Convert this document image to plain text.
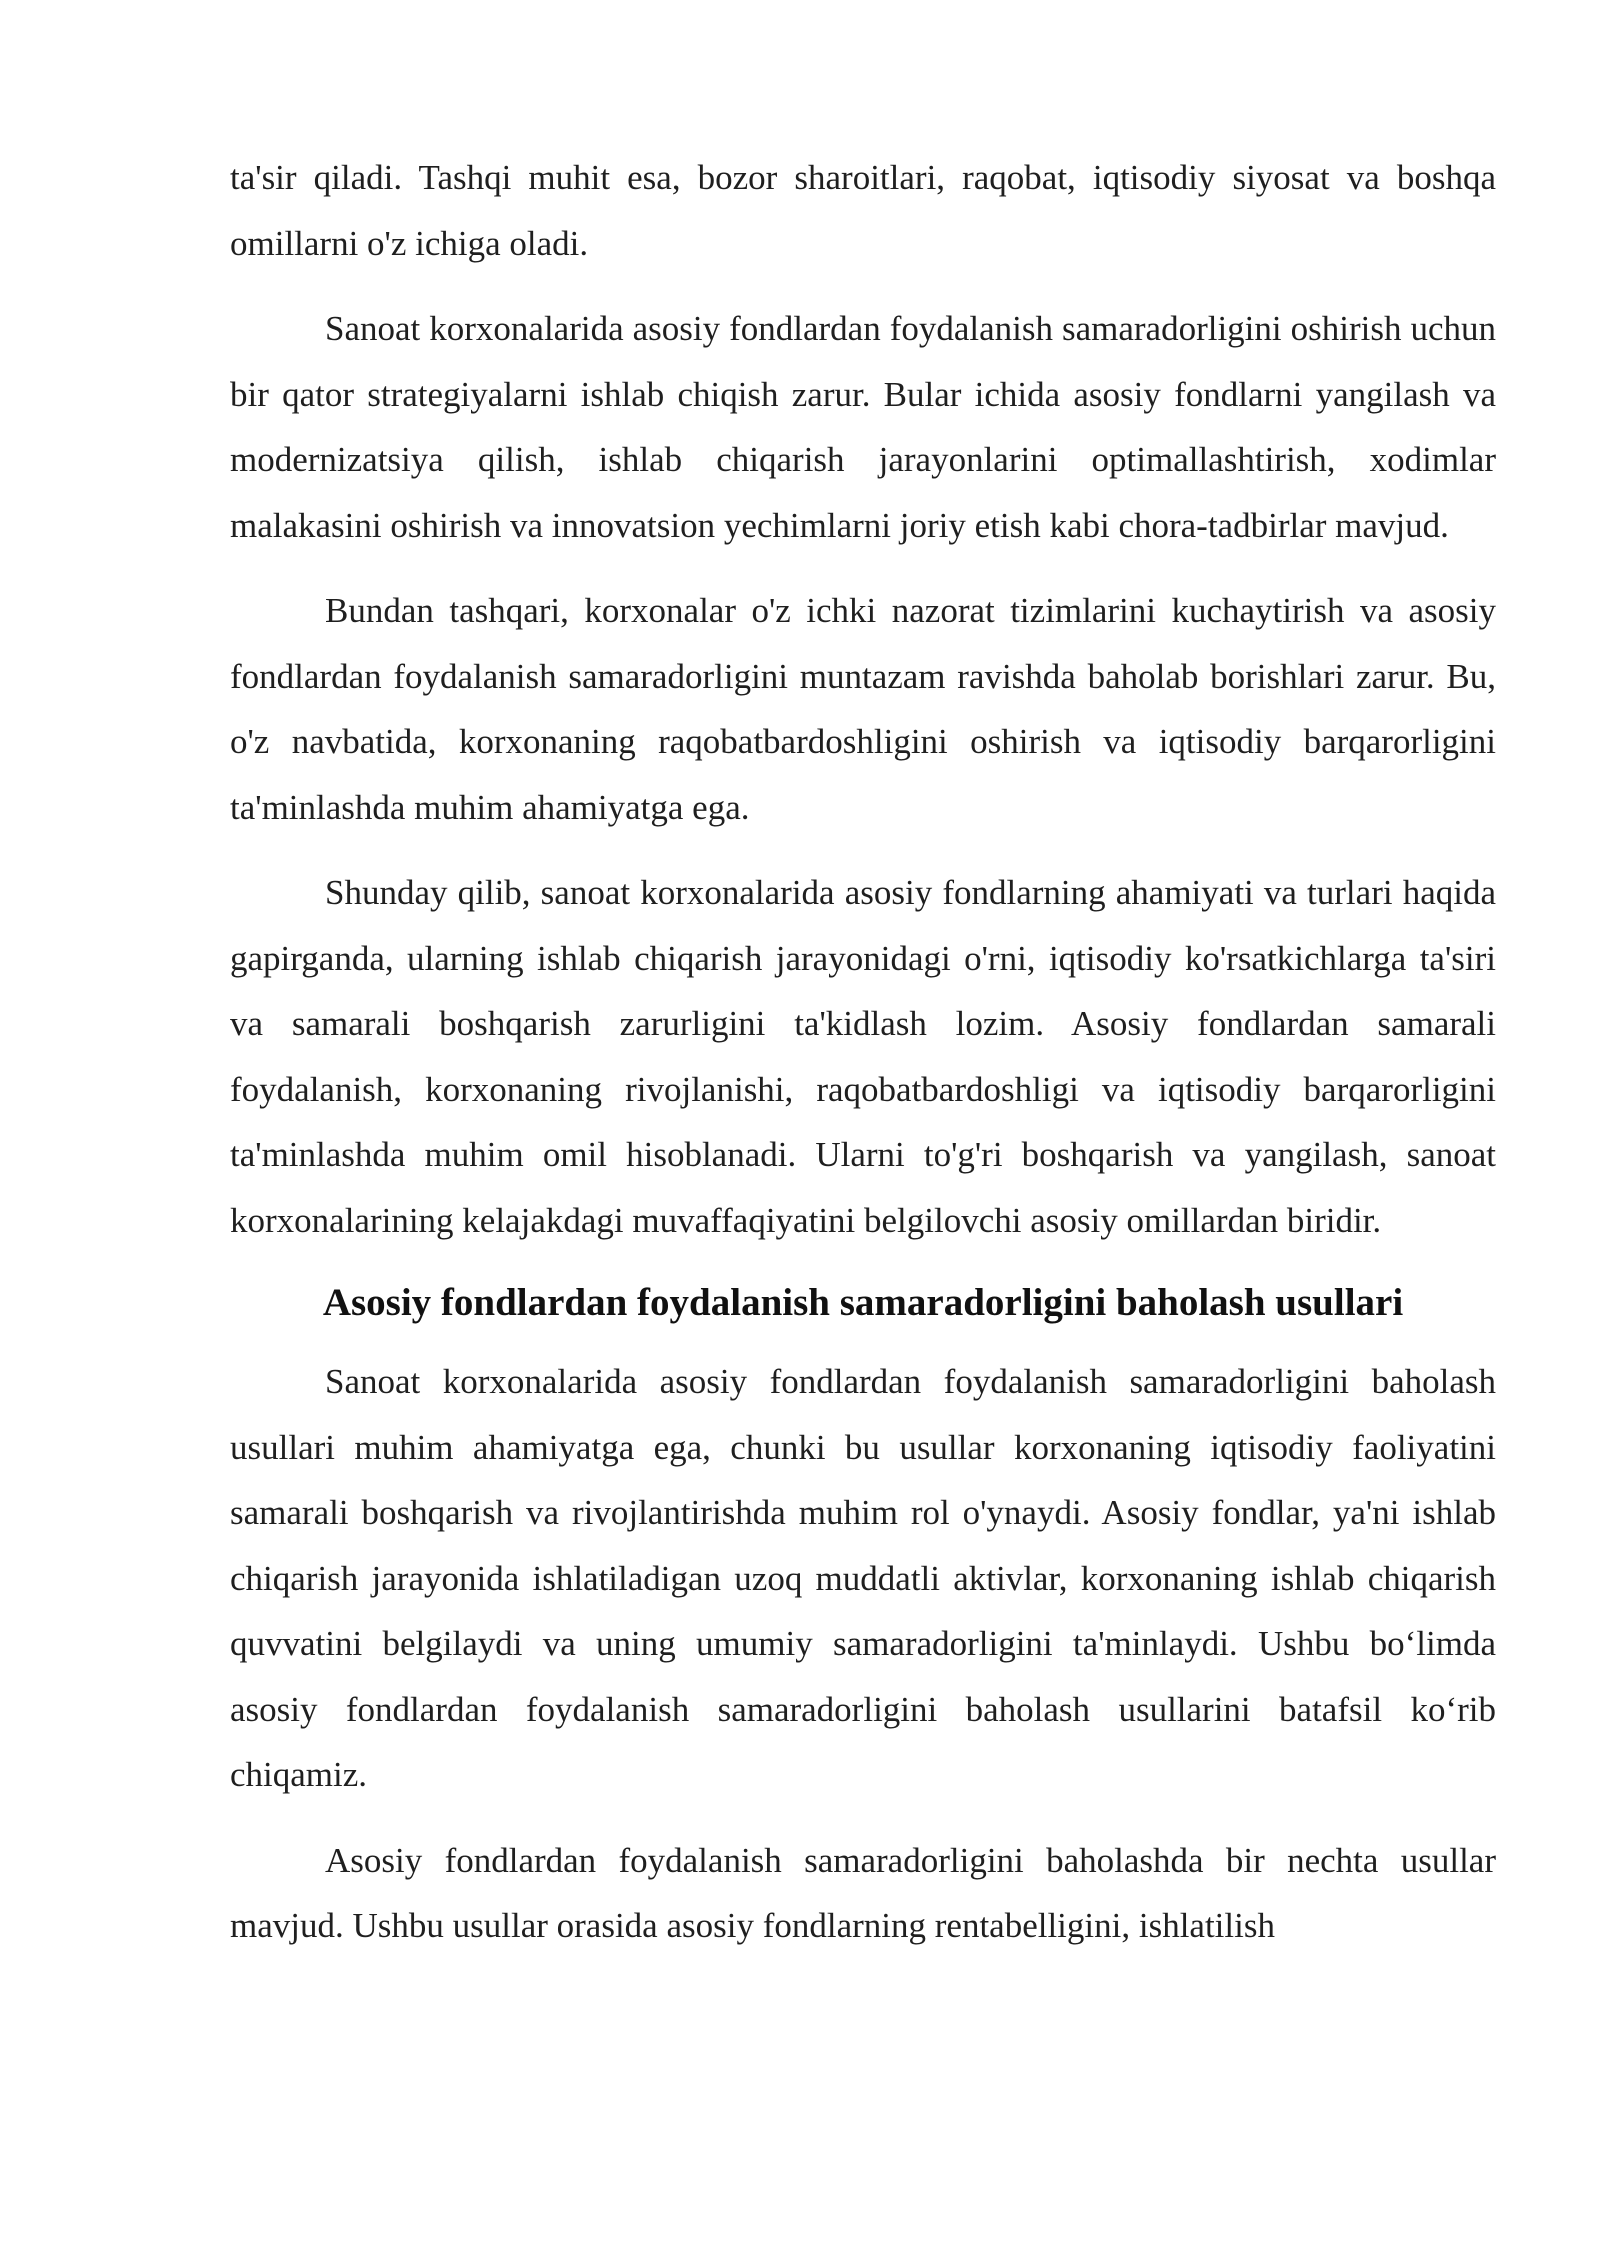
ta'sir qiladi. Tashqi muhit esa, bozor sharoitlari, raqobat, iqtisodiy siyosat va boshqa omillarni o'z ichiga oladi.

Sanoat korxonalarida asosiy fondlardan foydalanish samaradorligini oshirish uchun bir qator strategiyalarni ishlab chiqish zarur. Bular ichida asosiy fondlarni yangilash va modernizatsiya qilish, ishlab chiqarish jarayonlarini optimallashtirish, xodimlar malakasini oshirish va innovatsion yechimlarni joriy etish kabi chora-tadbirlar mavjud.

Bundan tashqari, korxonalar o'z ichki nazorat tizimlarini kuchaytirish va asosiy fondlardan foydalanish samaradorligini muntazam ravishda baholab borishlari zarur. Bu, o'z navbatida, korxonaning raqobatbardoshligini oshirish va iqtisodiy barqarorligini ta'minlashda muhim ahamiyatga ega.

Shunday qilib, sanoat korxonalarida asosiy fondlarning ahamiyati va turlari haqida gapirganda, ularning ishlab chiqarish jarayonidagi o'rni, iqtisodiy ko'rsatkichlarga ta'siri va samarali boshqarish zarurligini ta'kidlash lozim. Asosiy fondlardan samarali foydalanish, korxonaning rivojlanishi, raqobatbardoshligi va iqtisodiy barqarorligini ta'minlashda muhim omil hisoblanadi. Ularni to'g'ri boshqarish va yangilash, sanoat korxonalarining kelajakdagi muvaffaqiyatini belgilovchi asosiy omillardan biridir.

Asosiy fondlardan foydalanish samaradorligini baholash usullari

Sanoat korxonalarida asosiy fondlardan foydalanish samaradorligini baholash usullari muhim ahamiyatga ega, chunki bu usullar korxonaning iqtisodiy faoliyatini samarali boshqarish va rivojlantirishda muhim rol o'ynaydi. Asosiy fondlar, ya'ni ishlab chiqarish jarayonida ishlatiladigan uzoq muddatli aktivlar, korxonaning ishlab chiqarish quvvatini belgilaydi va uning umumiy samaradorligini ta'minlaydi. Ushbu bo‘limda asosiy fondlardan foydalanish samaradorligini baholash usullarini batafsil ko‘rib chiqamiz.

Asosiy fondlardan foydalanish samaradorligini baholashda bir nechta usullar mavjud. Ushbu usullar orasida asosiy fondlarning rentabelligini, ishlatilish
